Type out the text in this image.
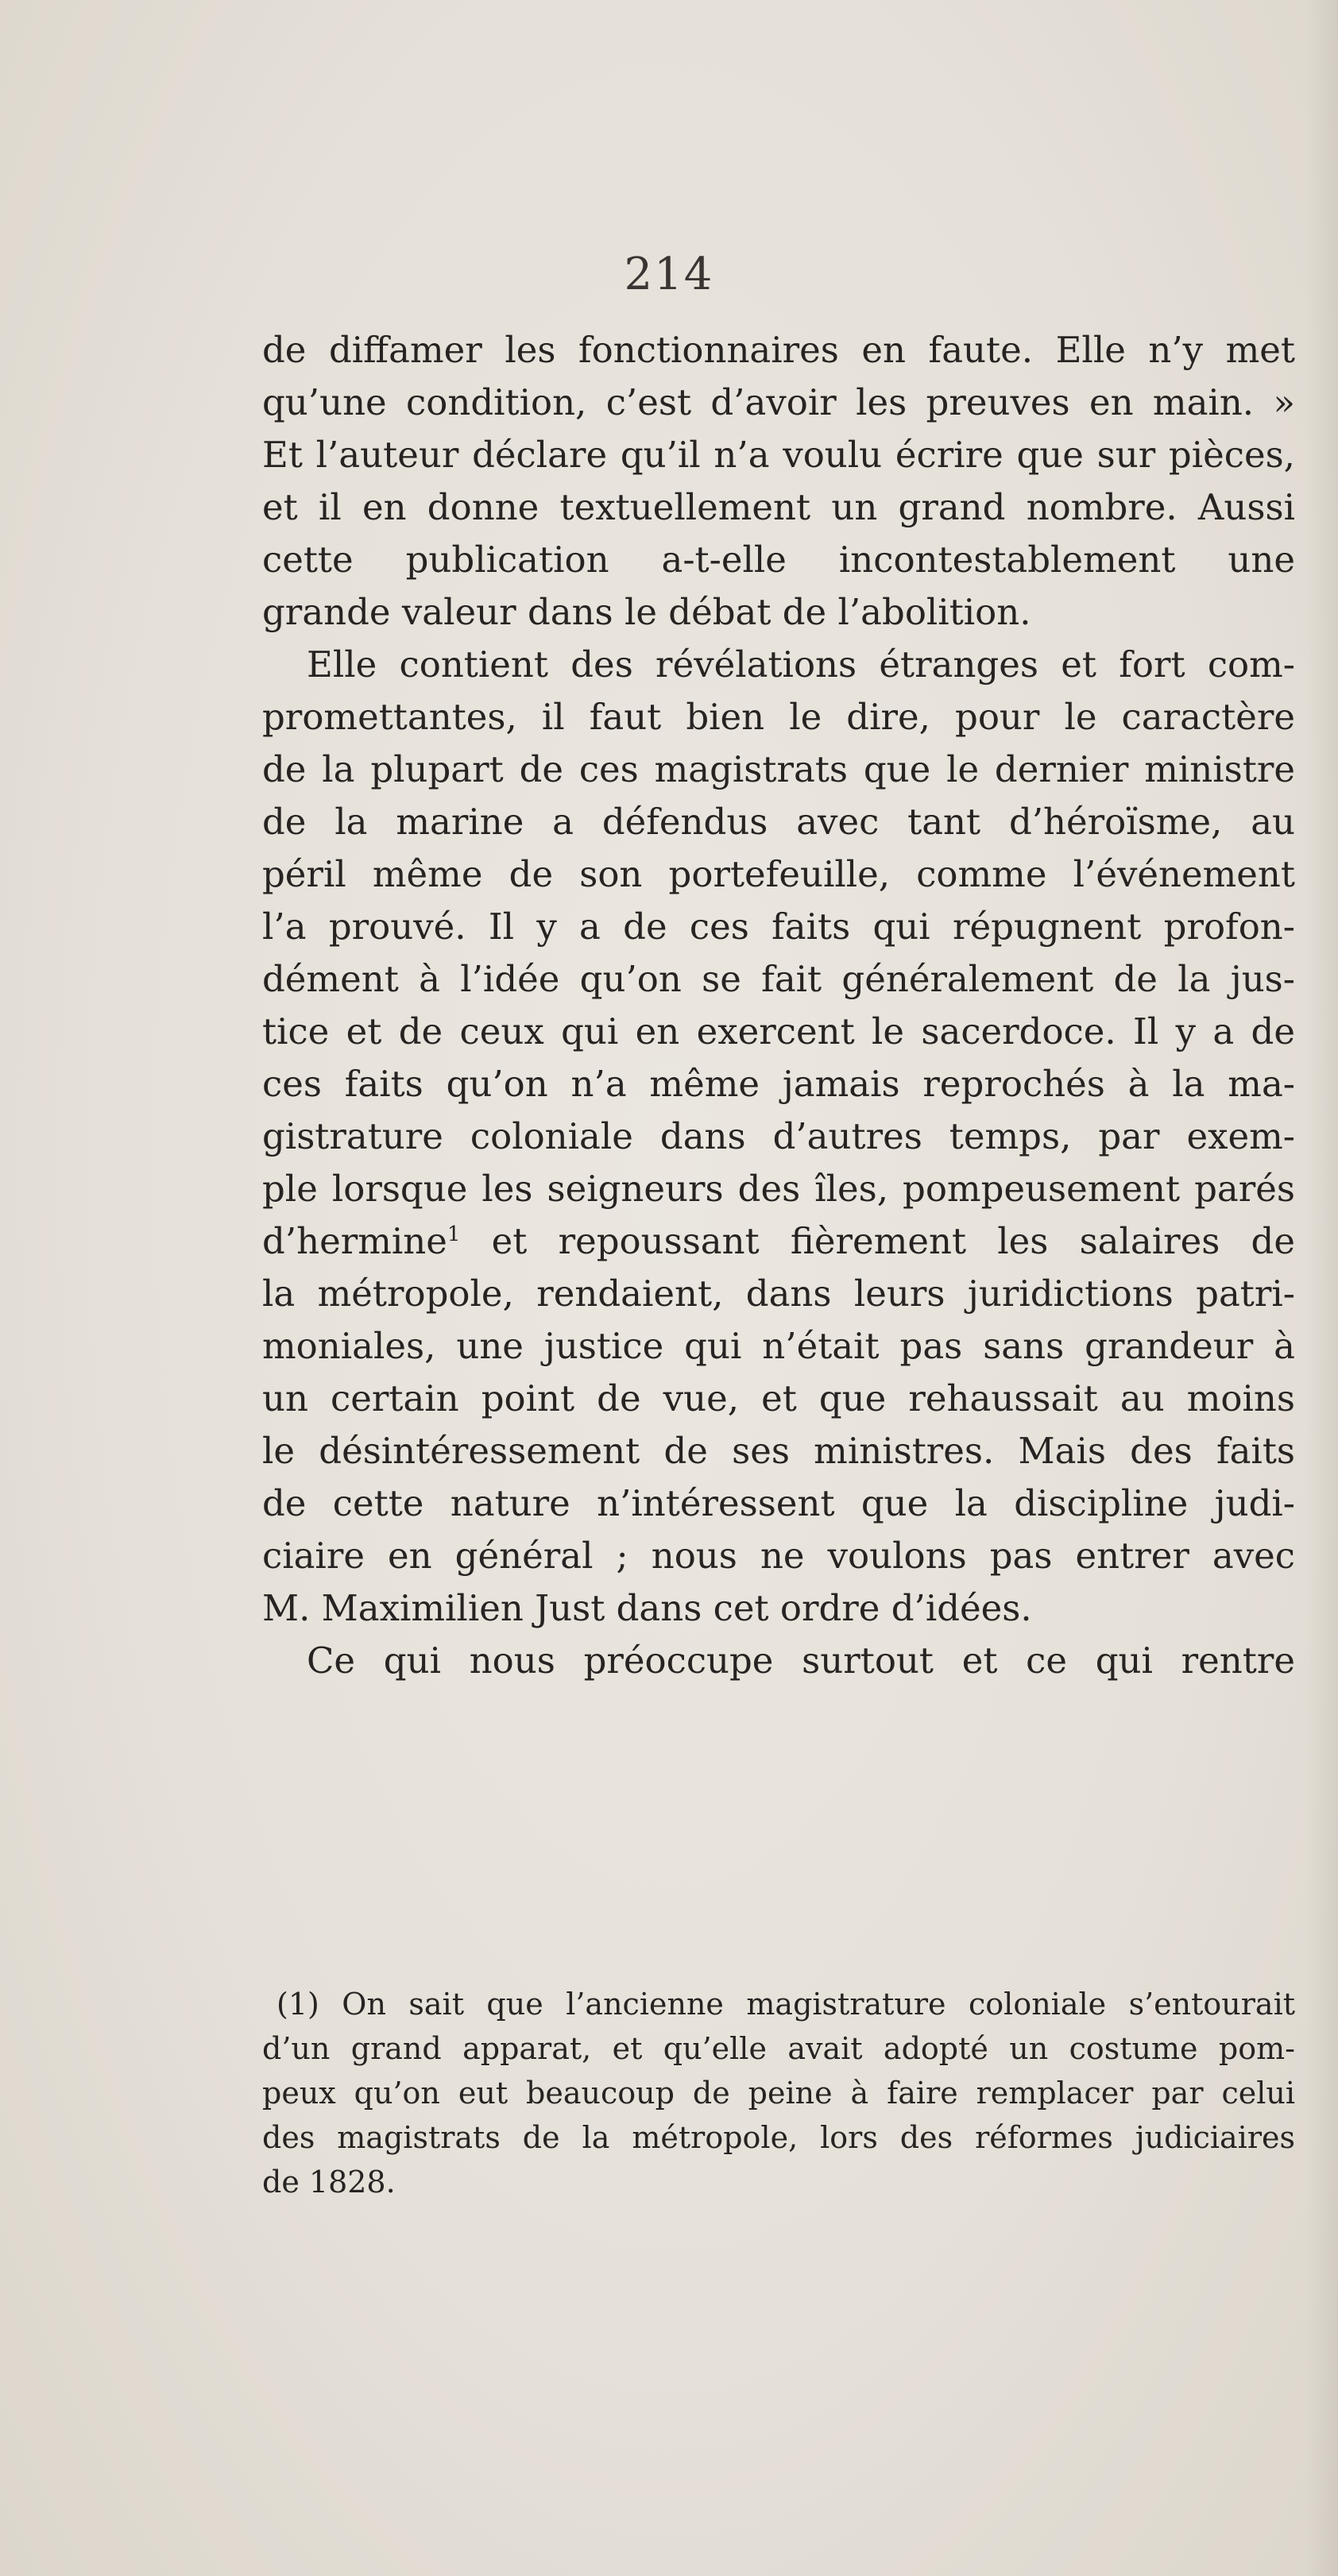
214
de diffamer les fonctionnaires en faute. Elle n’y met
qu’une condition, c’est d’avoir les preuves en main. »
Et l’auteur déclare qu’il n’a voulu écrire que sur pièces,
et il en donne textuellement un grand nombre. Aussi
cette publication a-t-elle incontestablement une
grande valeur dans le débat de l’abolition.
Elle contient des révélations étranges et fort com-
promettantes, il faut bien le dire, pour le caractère
de la plupart de ces magistrats que le dernier ministre
de la marine a défendus avec tant d’héroïsme, au
péril même de son portefeuille, comme l’événement
l’a prouvé. Il y a de ces faits qui répugnent profon-
dément à l’idée qu’on se fait généralement de la jus-
tice et de ceux qui en exercent le sacerdoce. Il y a de
ces faits qu’on n’a même jamais reprochés à la ma-
gistrature coloniale dans d’autres temps, par exem-
ple lorsque les seigneurs des îles, pompeusement parés
d’hermine$^1$ et repoussant fièrement les salaires de
la métropole, rendaient, dans leurs juridictions patri-
moniales, une justice qui n’était pas sans grandeur à
un certain point de vue, et que rehaussait au moins
le désintéressement de ses ministres. Mais des faits
de cette nature n’intéressent que la discipline judi-
ciaire en général ; nous ne voulons pas entrer avec
M. Maximilien Just dans cet ordre d’idées.
Ce qui nous préoccupe surtout et ce qui rentre
(1) On sait que l’ancienne magistrature coloniale s’entourait
d’un grand apparat, et qu’elle avait adopté un costume pom-
peux qu’on eut beaucoup de peine à faire remplacer par celui
des magistrats de la métropole, lors des réformes judiciaires
de 1828.
